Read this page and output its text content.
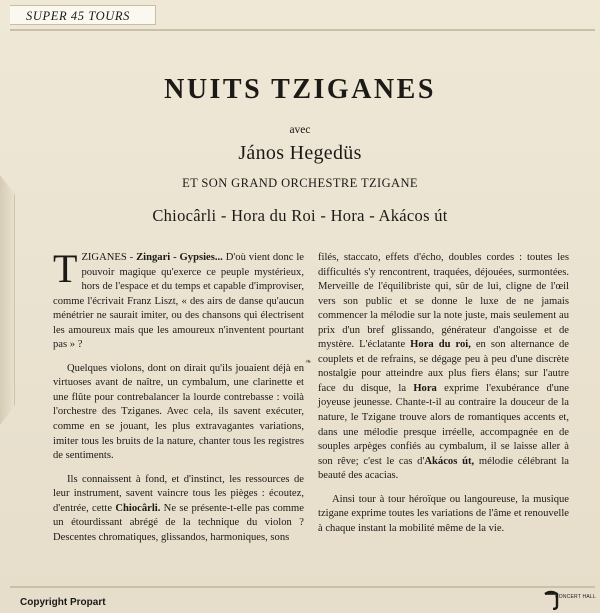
SUPER 45 TOURS
NUITS TZIGANES
avec
János Hegedüs
ET SON GRAND ORCHESTRE TZIGANE
Chiocârli - Hora du Roi - Hora - Akácos út

TZIGANES - Zingari - Gypsies... D'où vient donc le pouvoir magique qu'exerce ce peuple mystérieux, hors de l'espace et du temps et capable d'improviser, comme l'écrivait Franz Liszt, « des airs de danse qu'aucun ménétrier ne saurait imiter, ou des chansons qui électrisent les amoureux mais que les amoureux n'inventent pourtant pas » ?

Quelques violons, dont on dirait qu'ils jouaient déjà en virtuoses avant de naître, un cymbalum, une clarinette et une flûte pour contrebalancer la lourde contrebasse : voilà l'orchestre des Tziganes. Avec cela, ils savent exécuter, comme en se jouant, les plus extravagantes variations, imiter tous les bruits de la nature, chanter tous les registres de sentiments.

Ils connaissent à fond, et d'instinct, les ressources de leur instrument, savent vaincre tous les pièges : écoutez, d'entrée, cette Chiocârli. Ne se présente-t-elle pas comme un étourdissant abrégé de la technique du violon ? Descentes chromatiques, glissandos, harmoniques, sons

❧

filés, staccato, effets d'écho, doubles cordes : toutes les difficultés s'y rencontrent, traquées, déjouées, surmontées. Merveille de l'équilibriste qui, sûr de lui, cligne de l'œil vers son public et se donne le luxe de ne jamais commencer la mélodie sur la note juste, mais seulement au prix d'un bref glissando, générateur d'angoisse et de mystère. L'éclatante Hora du roi, en son alternance de couplets et de refrains, se dégage peu à peu d'une discrète nostalgie pour atteindre aux plus fiers élans; sur l'autre face du disque, la Hora exprime l'exubérance d'une joyeuse jeunesse. Chante-t-il au contraire la douceur de la nature, le Tzigane trouve alors de romantiques accents et, dans une mélodie presque irréelle, accompagnée en de souples arpèges confiés au cymbalum, il se laisse aller à son rêve; c'est le cas d'Akácos út, mélodie célébrant la beauté des acacias.

Ainsi tour à tour héroïque ou langoureuse, la musique tzigane exprime toutes les variations de l'âme et renouvelle à chaque instant la mobilité même de la vie.

Copyright Propart	CONCERT HALL
